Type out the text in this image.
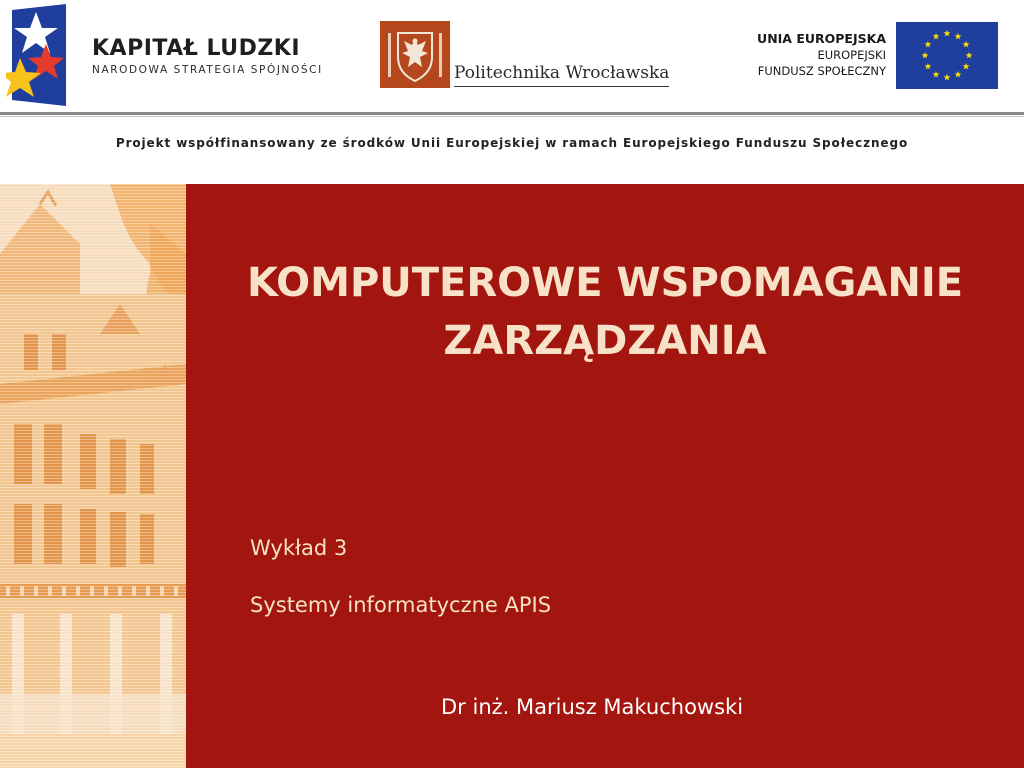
KAPITAŁ LUDZKI
NARODOWA STRATEGIA SPÓJNOŚCI	Politechnika Wrocławska
UNIA EUROPEJSKA
EUROPEJSKI
FUNDUSZ SPOŁECZNY
Projekt współfinansowany ze środków Unii Europejskiej w ramach Europejskiego Funduszu Społecznego
KOMPUTEROWE WSPOMAGANIE
ZARZĄDZANIA
Wykład 3
Systemy informatyczne APIS
Dr inż. Mariusz Makuchowski
